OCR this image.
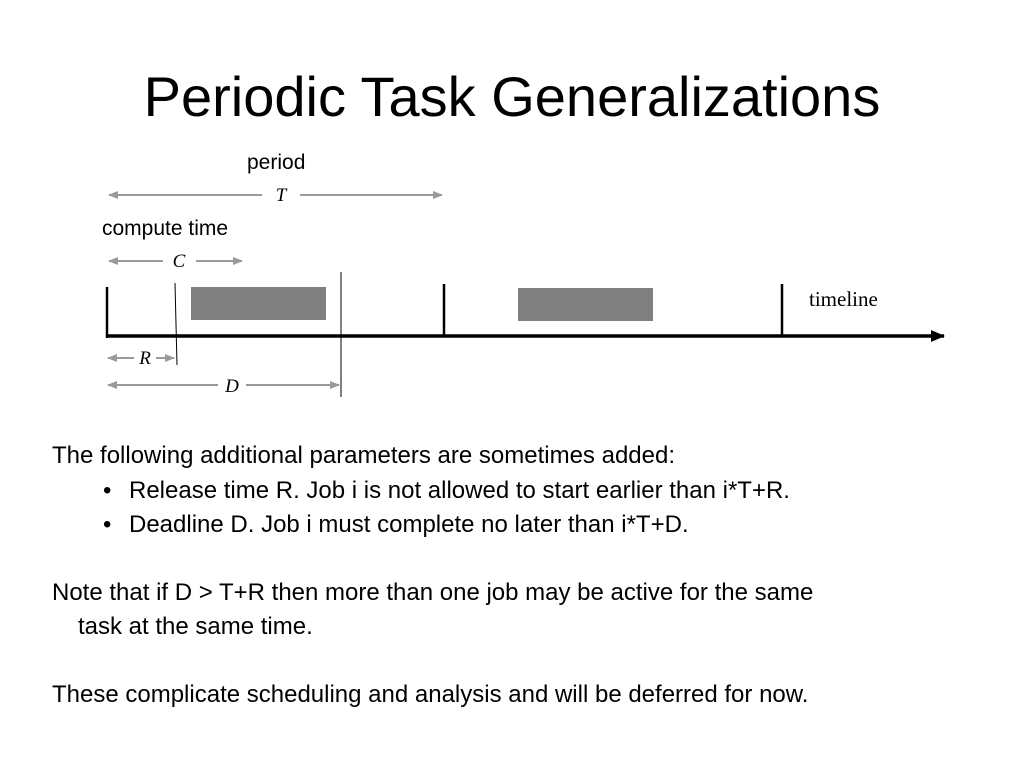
Periodic Task Generalizations
period
T
compute time
C
timeline
R
D

The following additional parameters are sometimes added:

• Release time R. Job i is not allowed to start earlier than i*T+R.

• Deadline D. Job i must complete no later than i*T+D.

Note that if D > T+R then more than one job may be active for the same

task at the same time.

These complicate scheduling and analysis and will be deferred for now.
